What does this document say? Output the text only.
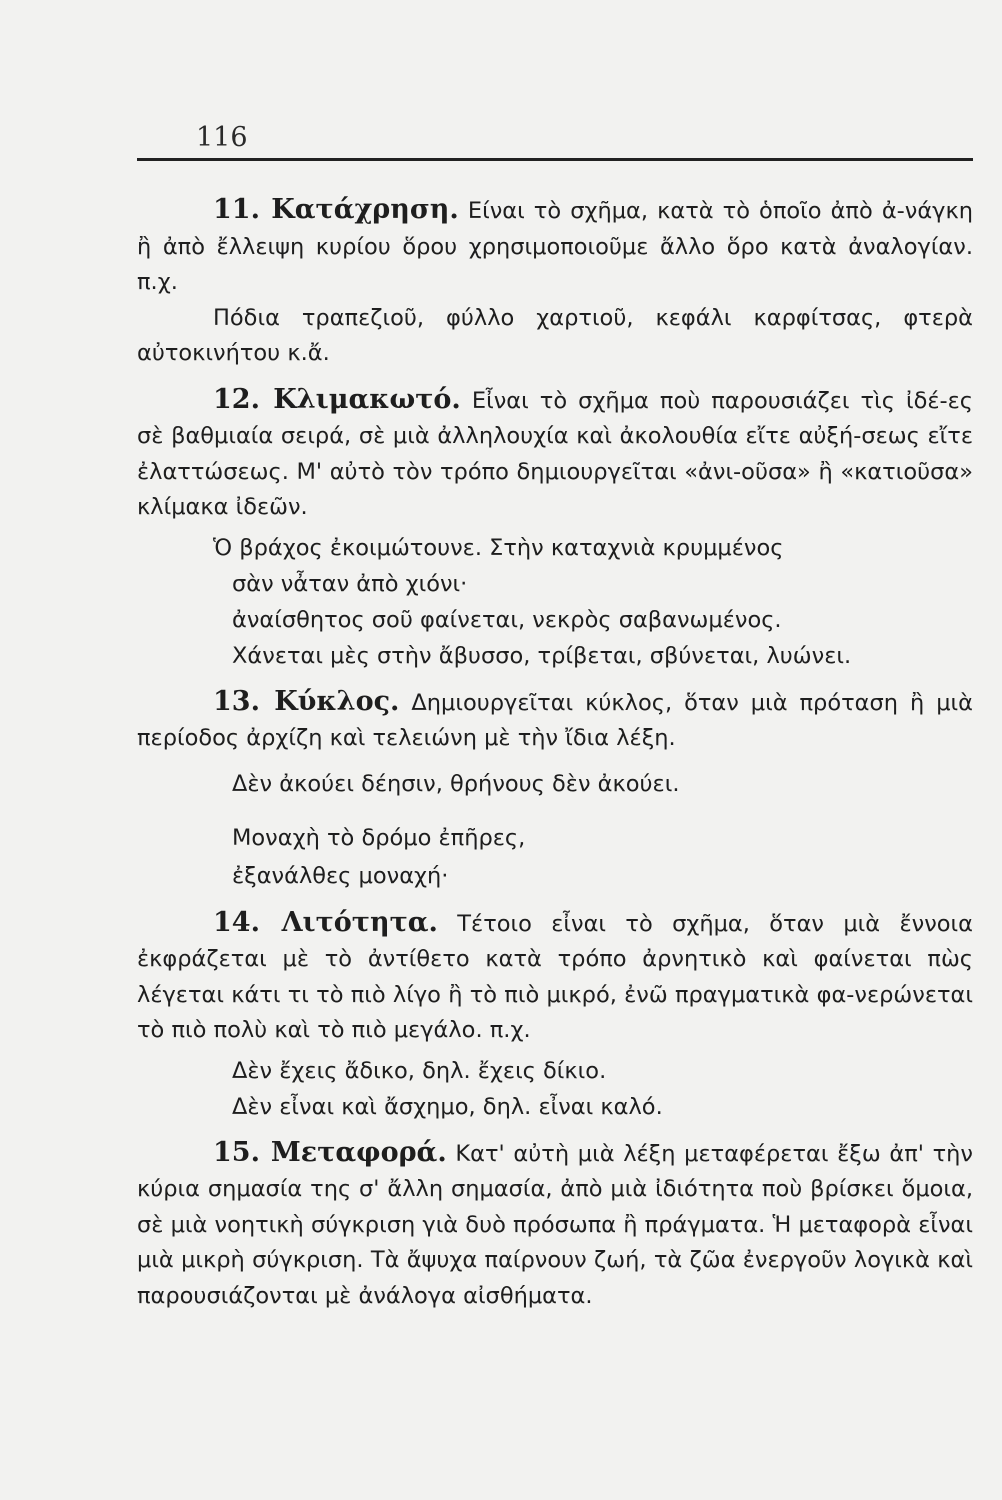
116

11. Κατάχρηση. Είναι τὸ σχῆμα, κατὰ τὸ ὁποῖο ἀπὸ ἀ-νάγκη ἢ ἀπὸ ἔλλειψη κυρίου ὅρου χρησιμοποιοῦμε ἄλλο ὅρο κατὰ ἀναλογίαν. π.χ.

Πόδια τραπεζιοῦ, φύλλο χαρτιοῦ, κεφάλι καρφίτσας, φτερὰ αὐτοκινήτου κ.ἄ.

12. Κλιμακωτό. Εἶναι τὸ σχῆμα ποὺ παρουσιάζει τὶς ἰδέ-ες σὲ βαθμιαία σειρά, σὲ μιὰ ἀλληλουχία καὶ ἀκολουθία εἴτε αὐξή-σεως εἴτε ἐλαττώσεως. Μ' αὐτὸ τὸν τρόπο δημιουργεῖται «ἀνι-οῦσα» ἢ «κατιοῦσα» κλίμακα ἰδεῶν.

Ὁ βράχος ἐκοιμώτουνε. Στὴν καταχνιὰ κρυμμένος

σὰν νἆταν ἀπὸ χιόνι·

ἀναίσθητος σοῦ φαίνεται, νεκρὸς σαβανωμένος.

Χάνεται μὲς στὴν ἄβυσσο, τρίβεται, σβύνεται, λυώνει.

13. Κύκλος. Δημιουργεῖται κύκλος, ὅταν μιὰ πρόταση ἢ μιὰ περίοδος ἀρχίζη καὶ τελειώνη μὲ τὴν ἴδια λέξη.

Δὲν ἀκούει δέησιν, θρήνους δὲν ἀκούει.

Μοναχὴ τὸ δρόμο ἐπῆρες,

ἐξανάλθες μοναχή·

14. Λιτότητα. Τέτοιο εἶναι τὸ σχῆμα, ὅταν μιὰ ἔννοια ἐκφράζεται μὲ τὸ ἀντίθετο κατὰ τρόπο ἀρνητικὸ καὶ φαίνεται πὼς λέγεται κάτι τι τὸ πιὸ λίγο ἢ τὸ πιὸ μικρό, ἐνῶ πραγματικὰ φα-νερώνεται τὸ πιὸ πολὺ καὶ τὸ πιὸ μεγάλο. π.χ.

Δὲν ἔχεις ἄδικο, δηλ. ἔχεις δίκιο.

Δὲν εἶναι καὶ ἄσχημο, δηλ. εἶναι καλό.

15. Μεταφορά. Κατ' αὐτὴ μιὰ λέξη μεταφέρεται ἔξω ἀπ' τὴν κύρια σημασία της σ' ἄλλη σημασία, ἀπὸ μιὰ ἰδιότητα ποὺ βρίσκει ὅμοια, σὲ μιὰ νοητικὴ σύγκριση γιὰ δυὸ πρόσωπα ἢ πράγματα. Ἡ μεταφορὰ εἶναι μιὰ μικρὴ σύγκριση. Τὰ ἄψυχα παίρνουν ζωή, τὰ ζῶα ἐνεργοῦν λογικὰ καὶ παρουσιάζονται μὲ ἀνάλογα αἰσθήματα.
